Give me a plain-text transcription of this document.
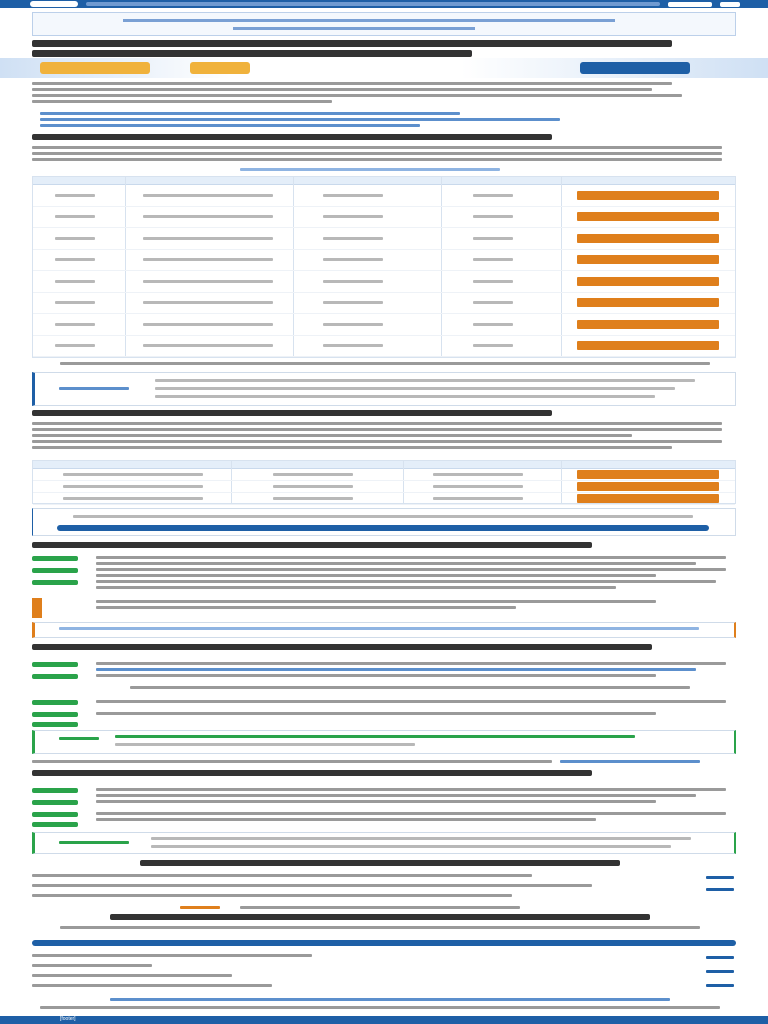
[footer]
